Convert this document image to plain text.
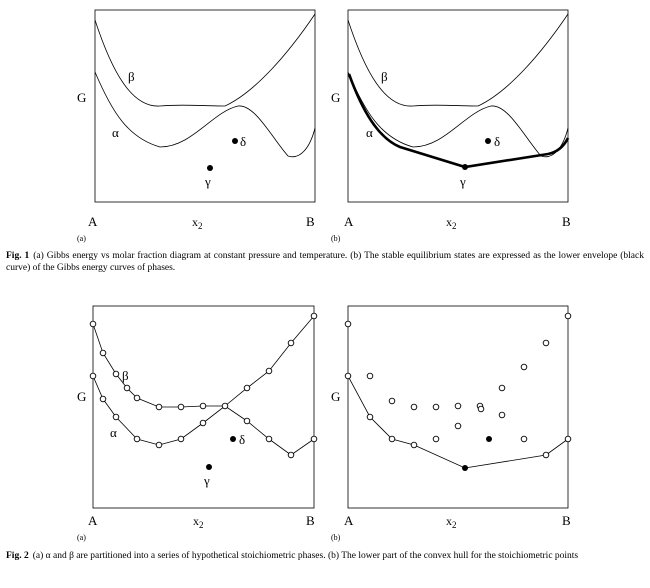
β
α
δ
γ
G
A	B
$x_2$
(a)
β
α
δ
γ
G
A	B
$x_2$
(b)
Fig. 1 (a) Gibbs energy vs molar fraction diagram at constant pressure and temperature. (b) The stable equilibrium states are expressed as the lower envelope (black curve) of the Gibbs energy curves of phases.
β
α	δ
γ
G
A	B
$x_2$
(a)
G
A	B
$x_2$
(b)
Fig. 2 (a) α and β are partitioned into a series of hypothetical stoichiometric phases. (b) The lower part of the convex hull for the stoichiometric points
